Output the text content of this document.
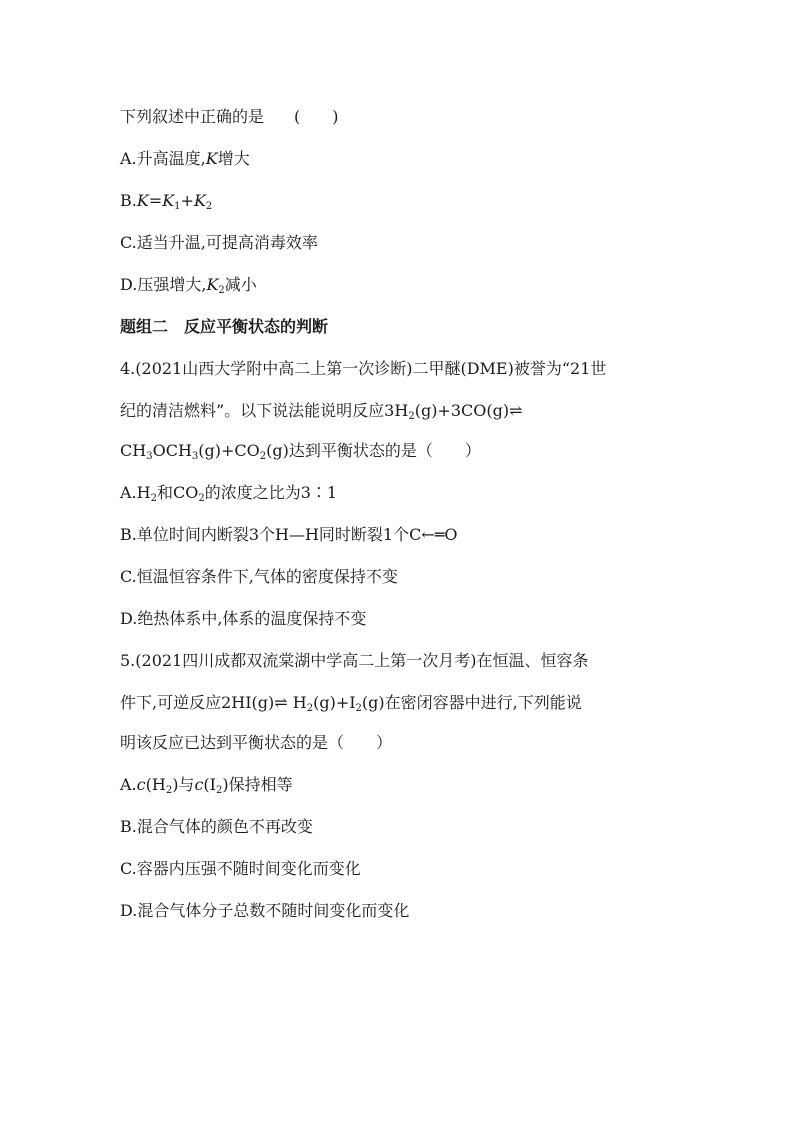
下列叙述中正确的是 (　　)
A.升高温度,K增大
$B.K=K_1+K_2$
C.适当升温,可提高消毒效率
D.压强增大$,K_2$减小
题组二　反应平衡状态的判断
4.(2021山西大学附中高二上第一次诊断)二甲醚(DME)被誉为“21世
纪的清洁燃料”。以下说法能说明反应$3H_2(g)+3CO(g)\rightleftharpoons$
$CH_3OCH_3(g)+CO_2(g)$达到平衡状态的是（　　）
$A.H_2$和$CO_2$的浓度之比为3∶1
B.单位时间内断裂3个H—H同时断裂1个C←═O
C.恒温恒容条件下,气体的密度保持不变
D.绝热体系中,体系的温度保持不变
5.(2021四川成都双流棠湖中学高二上第一次月考)在恒温、恒容条
件下,可逆反应2HI(g)⇌ $H_2(g)+I_2(g)$在密闭容器中进行,下列能说
明该反应已达到平衡状态的是（　　）
$A.c(H_2)$与$c(I_2)$保持相等
B.混合气体的颜色不再改变
C.容器内压强不随时间变化而变化
D.混合气体分子总数不随时间变化而变化
